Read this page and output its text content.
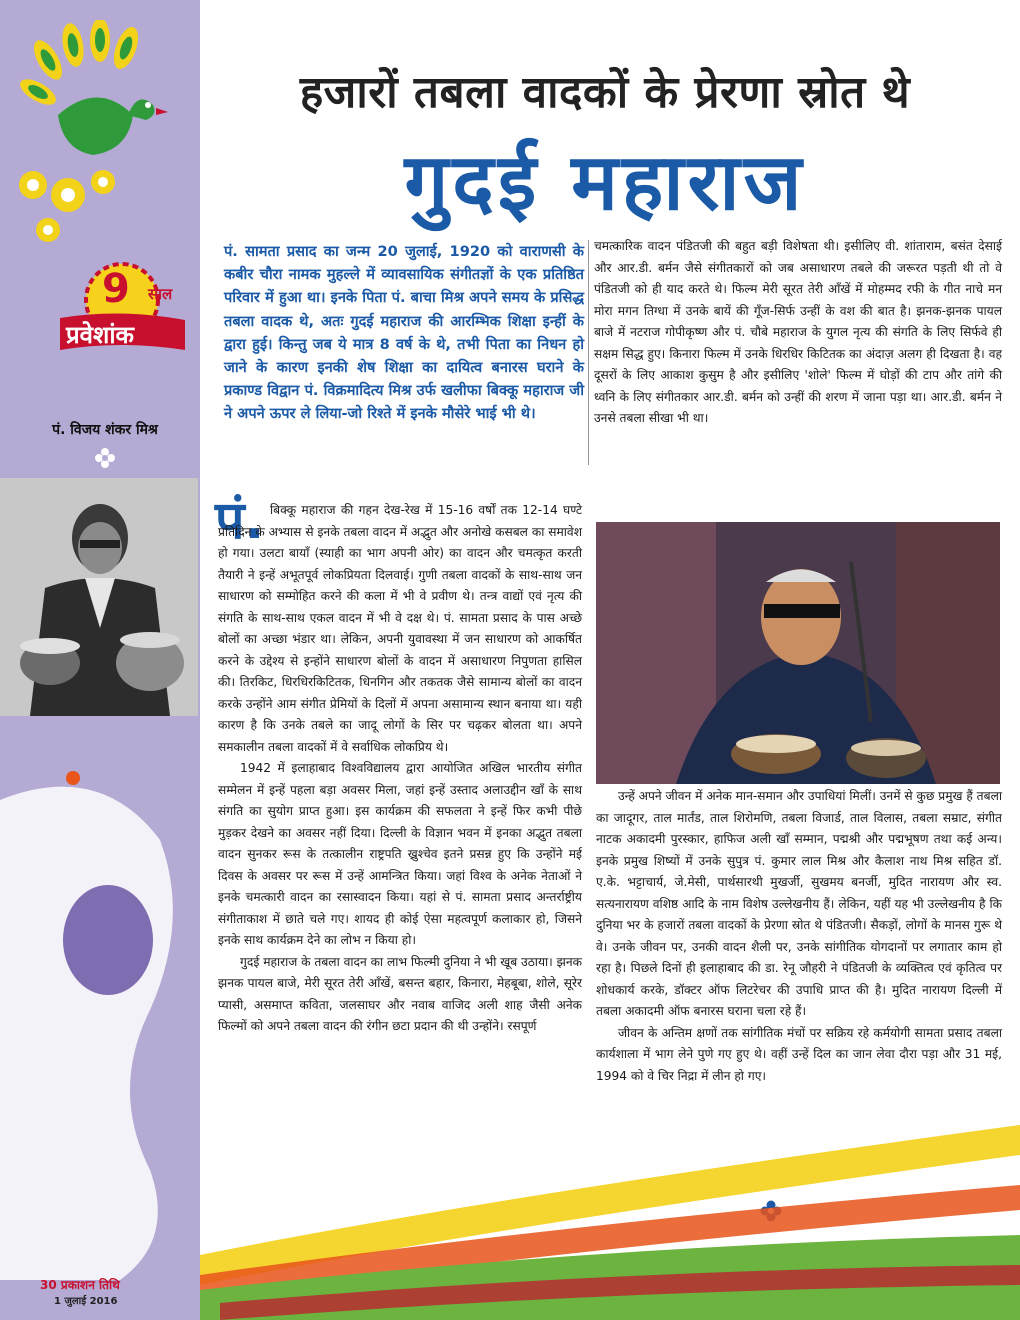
9 साल
प्रवेशांक
पं. विजय शंकर मिश्र
हजारों तबला वादकों के प्रेरणा स्रोत थे
गुदई महाराज
पं. सामता प्रसाद का जन्म 20 जुलाई, 1920 को वाराणसी के कबीर चौरा नामक मुहल्ले में व्यावसायिक संगीतज्ञों के एक प्रतिष्ठित परिवार में हुआ था। इनके पिता पं. बाचा मिश्र अपने समय के प्रसिद्ध तबला वादक थे, अतः गुदई महाराज की आरम्भिक शिक्षा इन्हीं के द्वारा हुई। किन्तु जब ये मात्र 8 वर्ष के थे, तभी पिता का निधन हो जाने के कारण इनकी शेष शिक्षा का दायित्व बनारस घराने के प्रकाण्ड विद्वान पं. विक्रमादित्य मिश्र उर्फ खलीफा बिक्कू महाराज जी ने अपने ऊपर ले लिया-जो रिश्ते में इनके मौसेरे भाई भी थे।
चमत्कारिक वादन पंडितजी की बहुत बड़ी विशेषता थी। इसीलिए वी. शांताराम, बसंत देसाई और आर.डी. बर्मन जैसे संगीतकारों को जब असाधारण तबले की जरूरत पड़ती थी तो वे पंडितजी को ही याद करते थे। फिल्म मेरी सूरत तेरी आँखें में मोहम्मद रफी के गीत नाचे मन मोरा मगन तिग्धा में उनके बायें की गूँज-सिर्फ उन्हीं के वश की बात है। झनक-झनक पायल बाजे में नटराज गोपीकृष्ण और पं. चौबे महाराज के युगल नृत्य की संगति के लिए सिर्फवे ही सक्षम सिद्ध हुए। किनारा फिल्म में उनके धिरधिर किटितक का अंदाज़ अलग ही दिखता है। वह दूसरों के लिए आकाश कुसुम है और इसीलिए 'शोले' फिल्म में घोड़ों की टाप और तांगे की ध्वनि के लिए संगीतकार आर.डी. बर्मन को उन्हीं की शरण में जाना पड़ा था। आर.डी. बर्मन ने उनसे तबला सीखा भी था।
पं. बिक्कू महाराज की गहन देख-रेख में 15-16 वर्षों तक 12-14 घण्टे प्रतिदिन के अभ्यास से इनके तबला वादन में अद्भुत और अनोखे कसबल का समावेश हो गया। उलटा बायाँ (स्याही का भाग अपनी ओर) का वादन और चमत्कृत करती तैयारी ने इन्हें अभूतपूर्व लोकप्रियता दिलवाई। गुणी तबला वादकों के साथ-साथ जन साधारण को सम्मोहित करने की कला में भी वे प्रवीण थे। तन्त्र वाद्यों एवं नृत्य की संगति के साथ-साथ एकल वादन में भी वे दक्ष थे। पं. सामता प्रसाद के पास अच्छे बोलों का अच्छा भंडार था। लेकिन, अपनी युवावस्था में जन साधारण को आकर्षित करने के उद्देश्य से इन्होंने साधारण बोलों के वादन में असाधारण निपुणता हासिल की। तिरकिट, धिरधिरकिटितक, धिनगिन और तकतक जैसे सामान्य बोलों का वादन करके उन्होंने आम संगीत प्रेमियों के दिलों में अपना असामान्य स्थान बनाया था। यही कारण है कि उनके तबले का जादू लोगों के सिर पर चढ़कर बोलता था। अपने समकालीन तबला वादकों में वे सर्वाधिक लोकप्रिय थे।

1942 में इलाहाबाद विश्वविद्यालय द्वारा आयोजित अखिल भारतीय संगीत सम्मेलन में इन्हें पहला बड़ा अवसर मिला, जहां इन्हें उस्ताद अलाउद्दीन खाँ के साथ संगति का सुयोग प्राप्त हुआ। इस कार्यक्रम की सफलता ने इन्हें फिर कभी पीछे मुड़कर देखने का अवसर नहीं दिया। दिल्ली के विज्ञान भवन में इनका अद्भुत तबला वादन सुनकर रूस के तत्कालीन राष्ट्रपति ख्रुश्चेव इतने प्रसन्न हुए कि उन्होंने मई दिवस के अवसर पर रूस में उन्हें आमन्त्रित किया। जहां विश्व के अनेक नेताओं ने इनके चमत्कारी वादन का रसास्वादन किया। यहां से पं. सामता प्रसाद अन्तर्राष्ट्रीय संगीताकाश में छाते चले गए। शायद ही कोई ऐसा महत्वपूर्ण कलाकार हो, जिसने इनके साथ कार्यक्रम देने का लोभ न किया हो।

गुदई महाराज के तबला वादन का लाभ फिल्मी दुनिया ने भी खूब उठाया। झनक झनक पायल बाजे, मेरी सूरत तेरी आँखें, बसन्त बहार, किनारा, मेहबूबा, शोले, सूरेर प्यासी, असमाप्त कविता, जलसाघर और नवाब वाजिद अली शाह जैसी अनेक फिल्मों को अपने तबला वादन की रंगीन छटा प्रदान की थी उन्होंने। रसपूर्ण

उन्हें अपने जीवन में अनेक मान-समान और उपाधियां मिलीं। उनमें से कुछ प्रमुख हैं तबला का जादूगर, ताल मार्तंड, ताल शिरोमणि, तबला विजार्ड, ताल विलास, तबला सम्राट, संगीत नाटक अकादमी पुरस्कार, हाफिज अली खाँ सम्मान, पद्मश्री और पद्मभूषण तथा कई अन्य। इनके प्रमुख शिष्यों में उनके सुपुत्र पं. कुमार लाल मिश्र और कैलाश नाथ मिश्र सहित डॉ. ए.के. भट्टाचार्य, जे.मेसी, पार्थसारथी मुखर्जी, सुखमय बनर्जी, मुदित नारायण और स्व. सत्यनारायण वशिष्ठ आदि के नाम विशेष उल्लेखनीय हैं। लेकिन, यहीं यह भी उल्लेखनीय है कि दुनिया भर के हजारों तबला वादकों के प्रेरणा स्रोत थे पंडितजी। सैकड़ों, लोगों के मानस गुरू थे वे। उनके जीवन पर, उनकी वादन शैली पर, उनके सांगीतिक योगदानों पर लगातार काम हो रहा है। पिछले दिनों ही इलाहाबाद की डा. रेनू जौहरी ने पंडितजी के व्यक्तित्व एवं कृतित्व पर शोधकार्य करके, डॉक्टर ऑफ लिटरेचर की उपाधि प्राप्त की है। मुदित नारायण दिल्ली में तबला अकादमी ऑफ बनारस घराना चला रहे हैं।

जीवन के अन्तिम क्षणों तक सांगीतिक मंचों पर सक्रिय रहे कर्मयोगी सामता प्रसाद तबला कार्यशाला में भाग लेने पुणे गए हुए थे। वहीं उन्हें दिल का जान लेवा दौरा पड़ा और 31 मई, 1994 को वे चिर निद्रा में लीन हो गए।

30 प्रकाशन तिथि
1 जुलाई 2016
